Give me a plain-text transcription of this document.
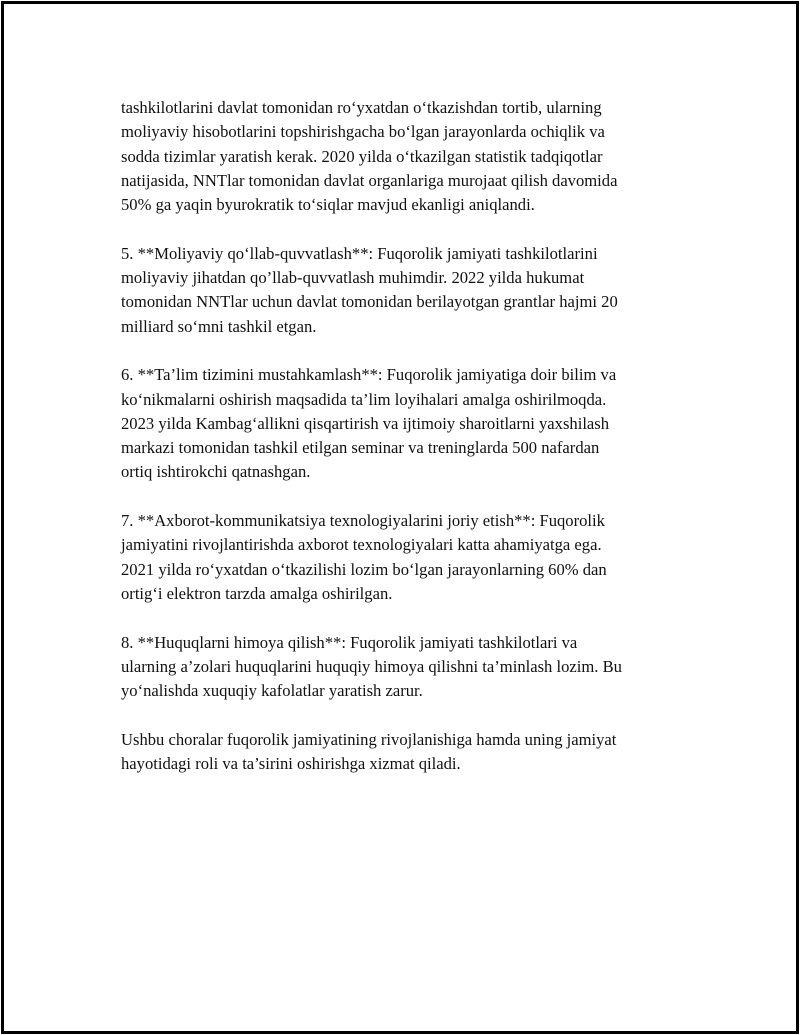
tashkilotlarini davlat tomonidan ro‘yxatdan o‘tkazishdan tortib, ularning
moliyaviy hisobotlarini topshirishgacha bo‘lgan jarayonlarda ochiqlik va
sodda tizimlar yaratish kerak. 2020 yilda o‘tkazilgan statistik tadqiqotlar
natijasida, NNTlar tomonidan davlat organlariga murojaat qilish davomida
50% ga yaqin byurokratik to‘siqlar mavjud ekanligi aniqlandi.

5. **Moliyaviy qo‘llab-quvvatlash**: Fuqorolik jamiyati tashkilotlarini
moliyaviy jihatdan qo’llab-quvvatlash muhimdir. 2022 yilda hukumat
tomonidan NNTlar uchun davlat tomonidan berilayotgan grantlar hajmi 20
milliard so‘mni tashkil etgan.

6. **Ta’lim tizimini mustahkamlash**: Fuqorolik jamiyatiga doir bilim va
ko‘nikmalarni oshirish maqsadida ta’lim loyihalari amalga oshirilmoqda.
2023 yilda Kambag‘allikni qisqartirish va ijtimoiy sharoitlarni yaxshilash
markazi tomonidan tashkil etilgan seminar va treninglarda 500 nafardan
ortiq ishtirokchi qatnashgan.

7. **Axborot-kommunikatsiya texnologiyalarini joriy etish**: Fuqorolik
jamiyatini rivojlantirishda axborot texnologiyalari katta ahamiyatga ega.
2021 yilda ro‘yxatdan o‘tkazilishi lozim bo‘lgan jarayonlarning 60% dan
ortig‘i elektron tarzda amalga oshirilgan.

8. **Huquqlarni himoya qilish**: Fuqorolik jamiyati tashkilotlari va
ularning a’zolari huquqlarini huquqiy himoya qilishni ta’minlash lozim. Bu
yo‘nalishda xuquqiy kafolatlar yaratish zarur.

Ushbu choralar fuqorolik jamiyatining rivojlanishiga hamda uning jamiyat
hayotidagi roli va ta’sirini oshirishga xizmat qiladi.
